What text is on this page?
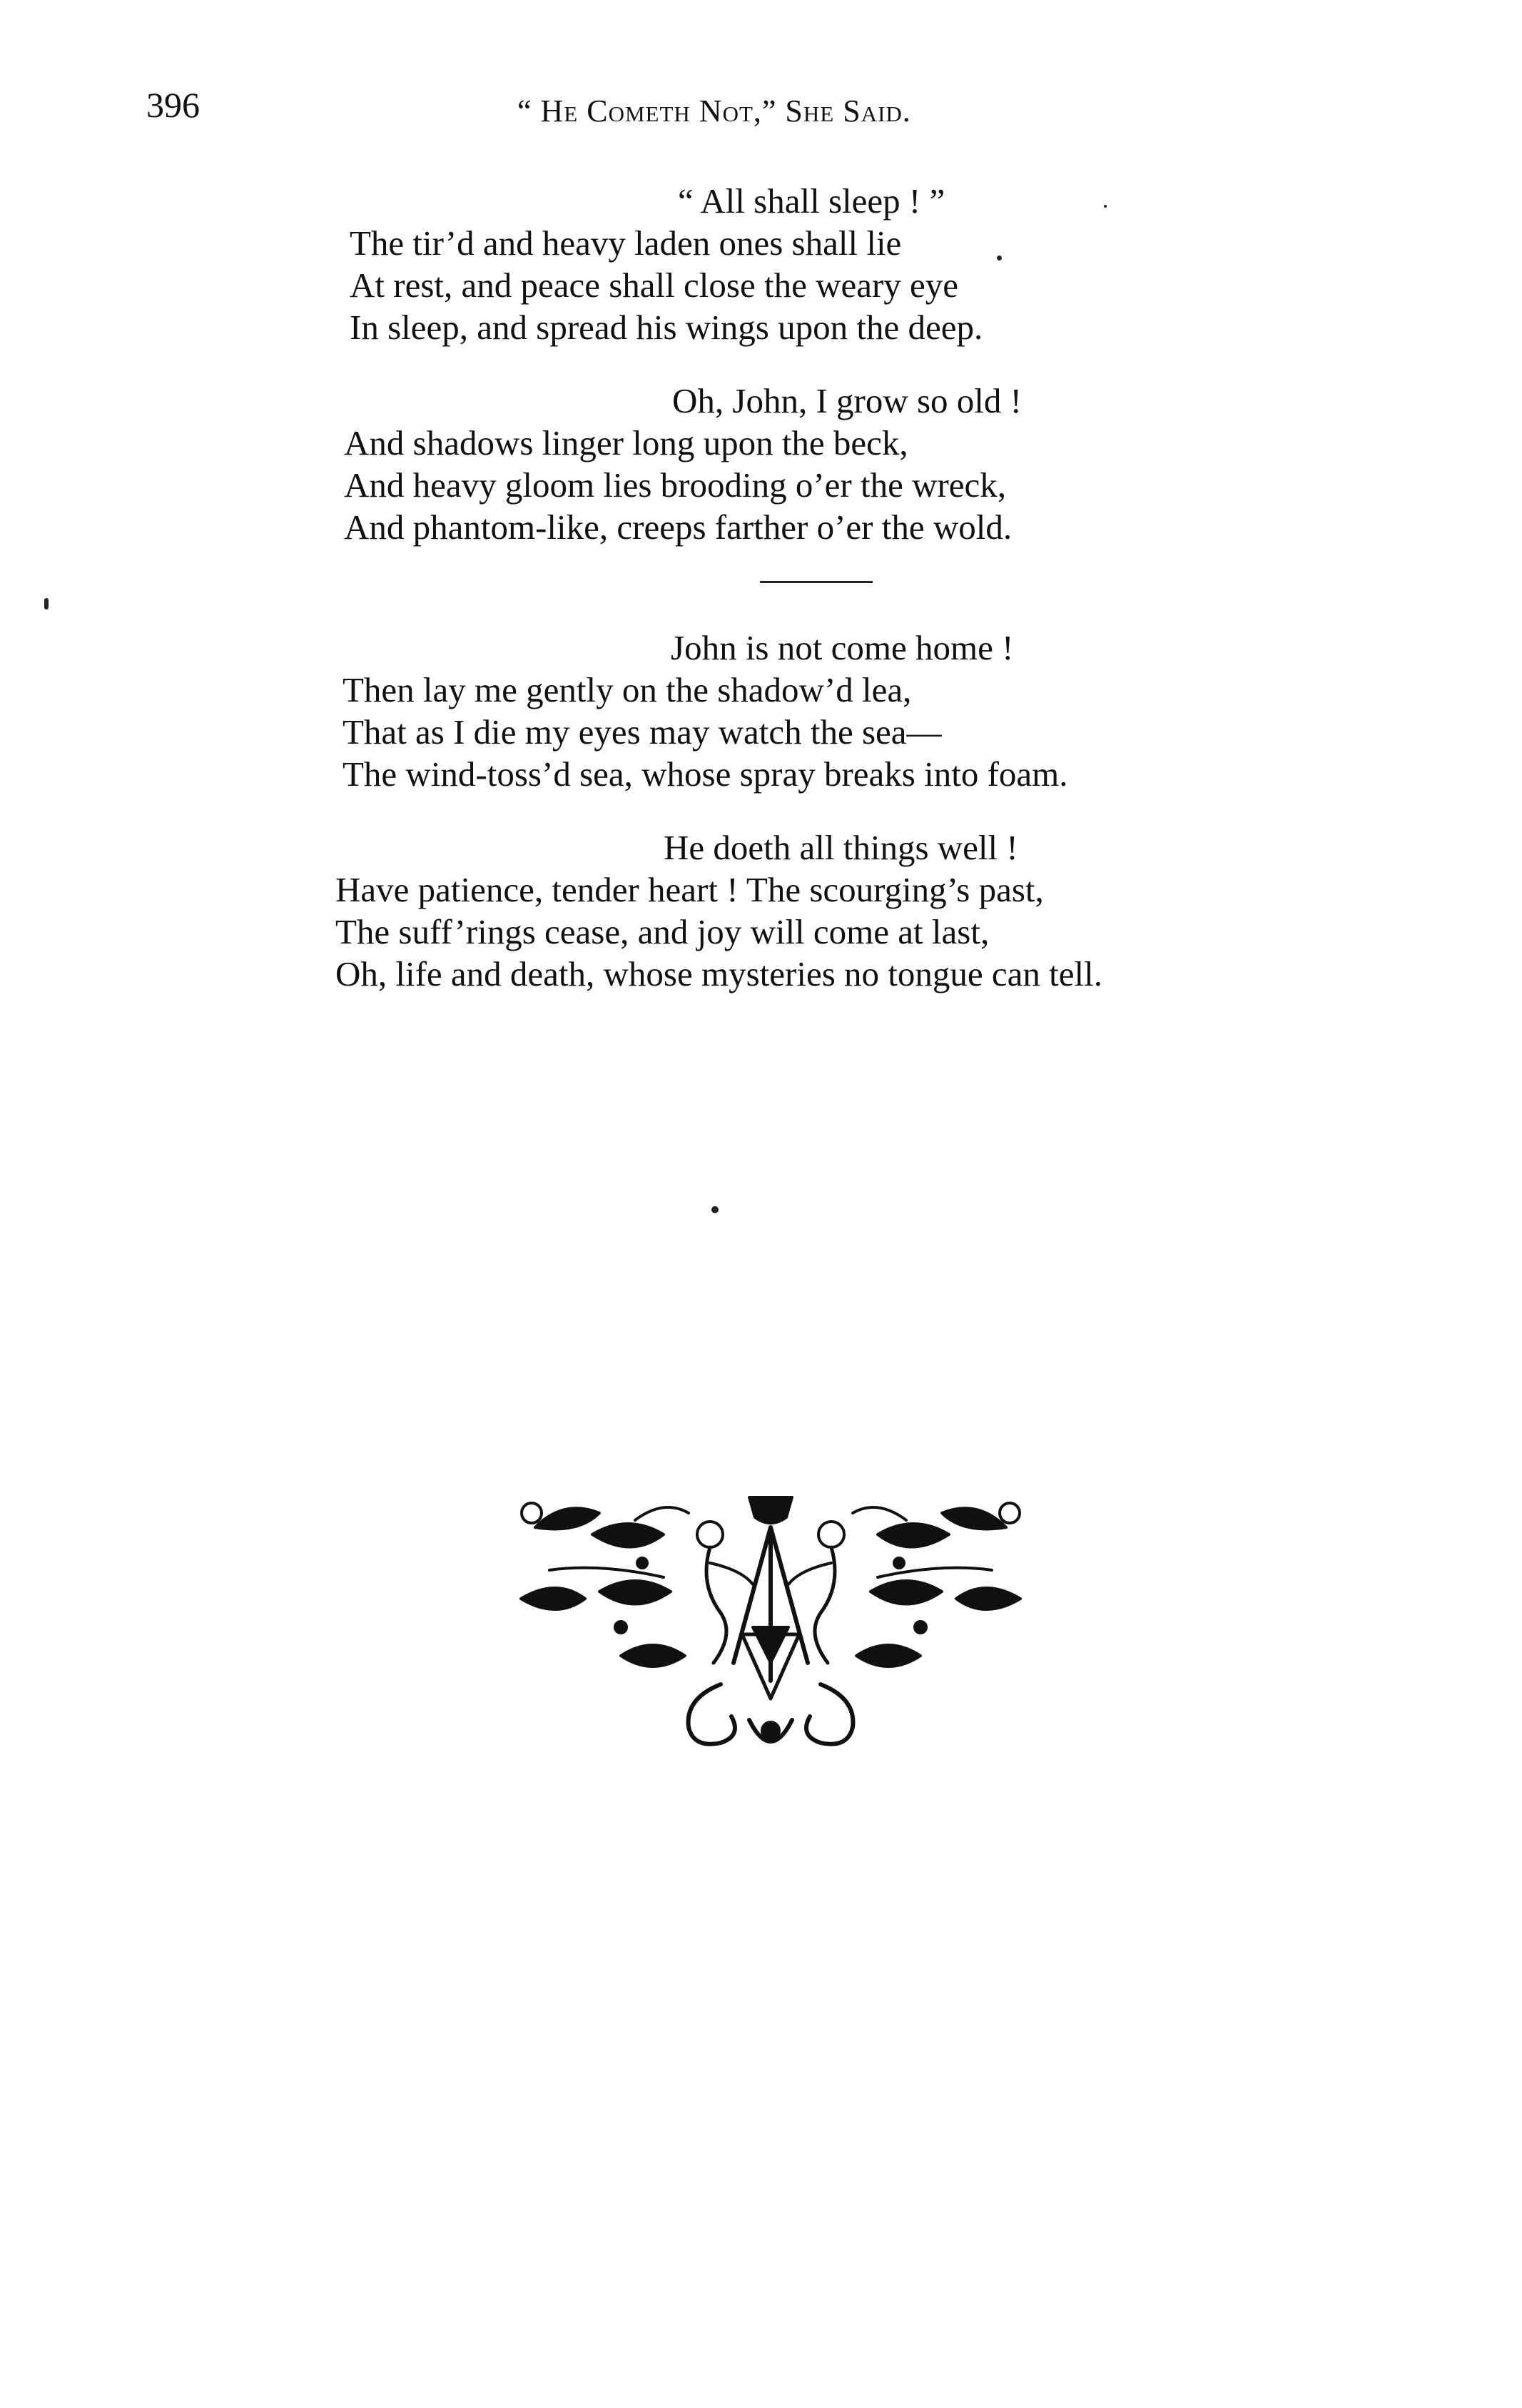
396	“ He Cometh Not,” She Said.
“ All shall sleep ! ”
The tir’d and heavy laden ones shall lie
At rest, and peace shall close the weary eye
In sleep, and spread his wings upon the deep.
Oh, John, I grow so old !
And shadows linger long upon the beck,
And heavy gloom lies brooding o’er the wreck,
And phantom-like, creeps farther o’er the wold.
John is not come home !
Then lay me gently on the shadow’d lea,
That as I die my eyes may watch the sea—
The wind-toss’d sea, whose spray breaks into foam.
He doeth all things well !
Have patience, tender heart ! The scourging’s past,
The suff’rings cease, and joy will come at last,
Oh, life and death, whose mysteries no tongue can tell.
